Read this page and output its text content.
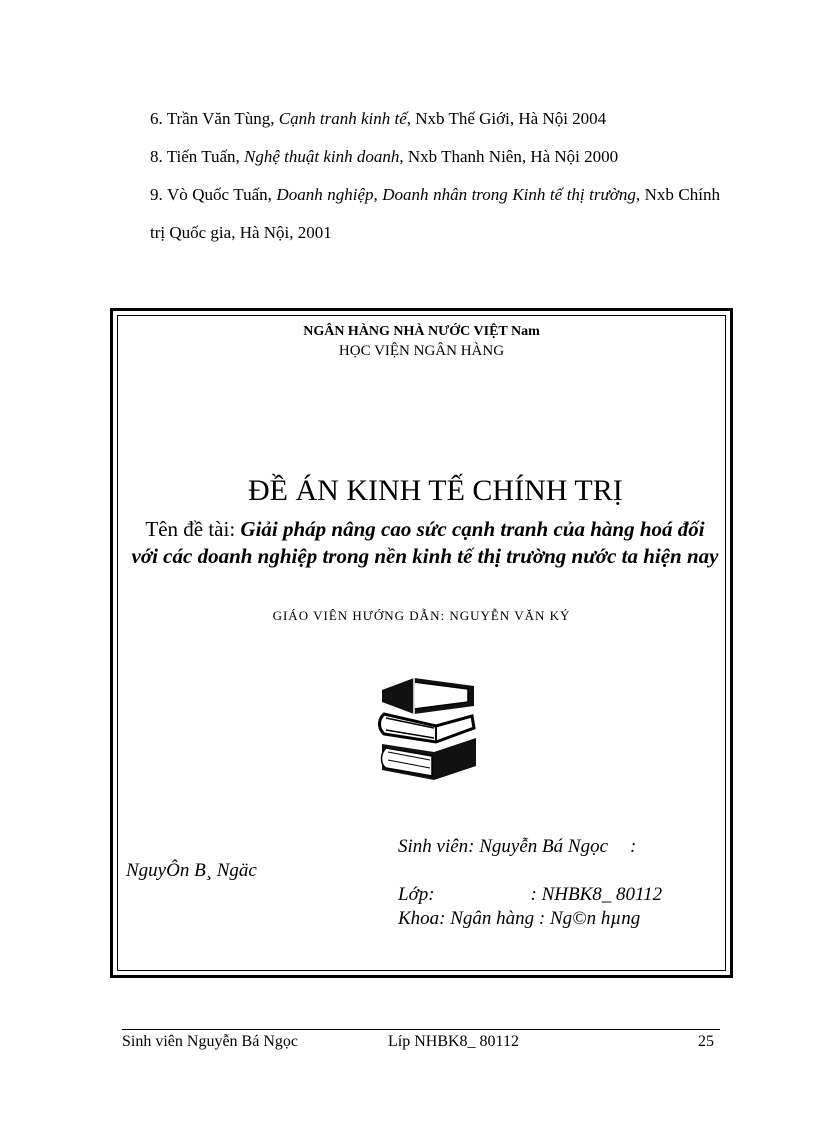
6. Trần Văn Tùng, Cạnh tranh kinh tế, Nxb Thế Giới, Hà Nội 2004

8. Tiến Tuấn, Nghệ thuật kinh doanh, Nxb Thanh Niên, Hà Nội 2000

9. Vò Quốc Tuấn, Doanh nghiệp, Doanh nhân trong Kinh tế thị trường, Nxb Chính trị Quốc gia, Hà Nội, 2001

NGÂN HÀNG NHÀ NƯỚC VIỆT Nam
HỌC VIỆN NGÂN HÀNG
ĐỀ ÁN KINH TẾ CHÍNH TRỊ
Tên đề tài: Giải pháp nâng cao sức cạnh tranh của hàng hoá đối với các doanh nghiệp trong nền kinh tế thị trường nước ta hiện nay
GIÁO VIÊN HƯỚNG DẪN: NGUYỄN VĂN KÝ
Sinh viên: Nguyễn Bá Ngọc :
NguyÔn B¸ Ngäc
Lớp:	: NHBK8_ 80112
Khoa: Ngân hàng : Ng©n hµng
Sinh viên Nguyễn Bá Ngọc	Líp NHBK8_ 80112	25
